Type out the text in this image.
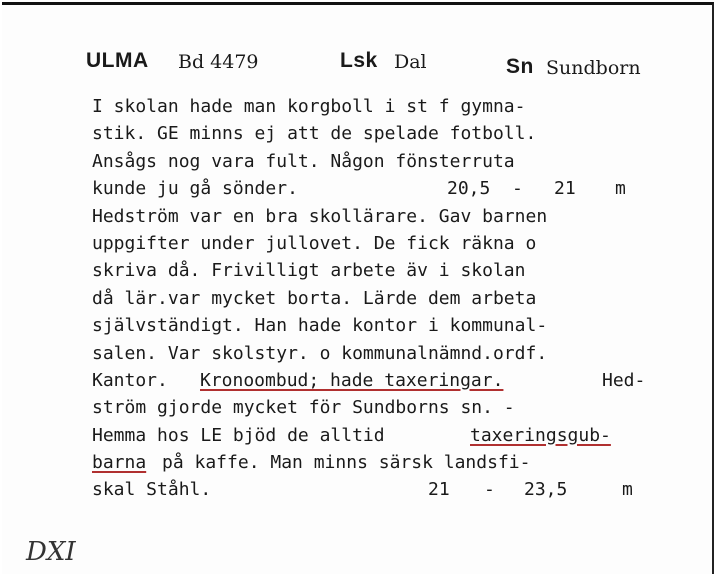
ULMA Bd 4479	Lsk Dal	Sn Sundborn
I skolan hade man korgboll i st f gymna-
stik. GE minns ej att de spelade fotboll.
Ansågs nog vara fult. Någon fönsterruta
kunde ju gå sönder.	20,5 - 21 m
Hedström var en bra skollärare. Gav barnen
uppgifter under jullovet. De fick räkna o
skriva då. Frivilligt arbete äv i skolan
då lär.var mycket borta. Lärde dem arbeta
självständigt. Han hade kontor i kommunal-
salen. Var skolstyr. o kommunalnämnd.ordf.
Kantor. Kronoombud; hade taxeringar.	Hed-
ström gjorde mycket för Sundborns sn. -
Hemma hos LE bjöd de alltid	taxeringsgub-
barna på kaffe. Man minns särsk landsfi-
skal Ståhl.	21 - 23,5	m
DXI
